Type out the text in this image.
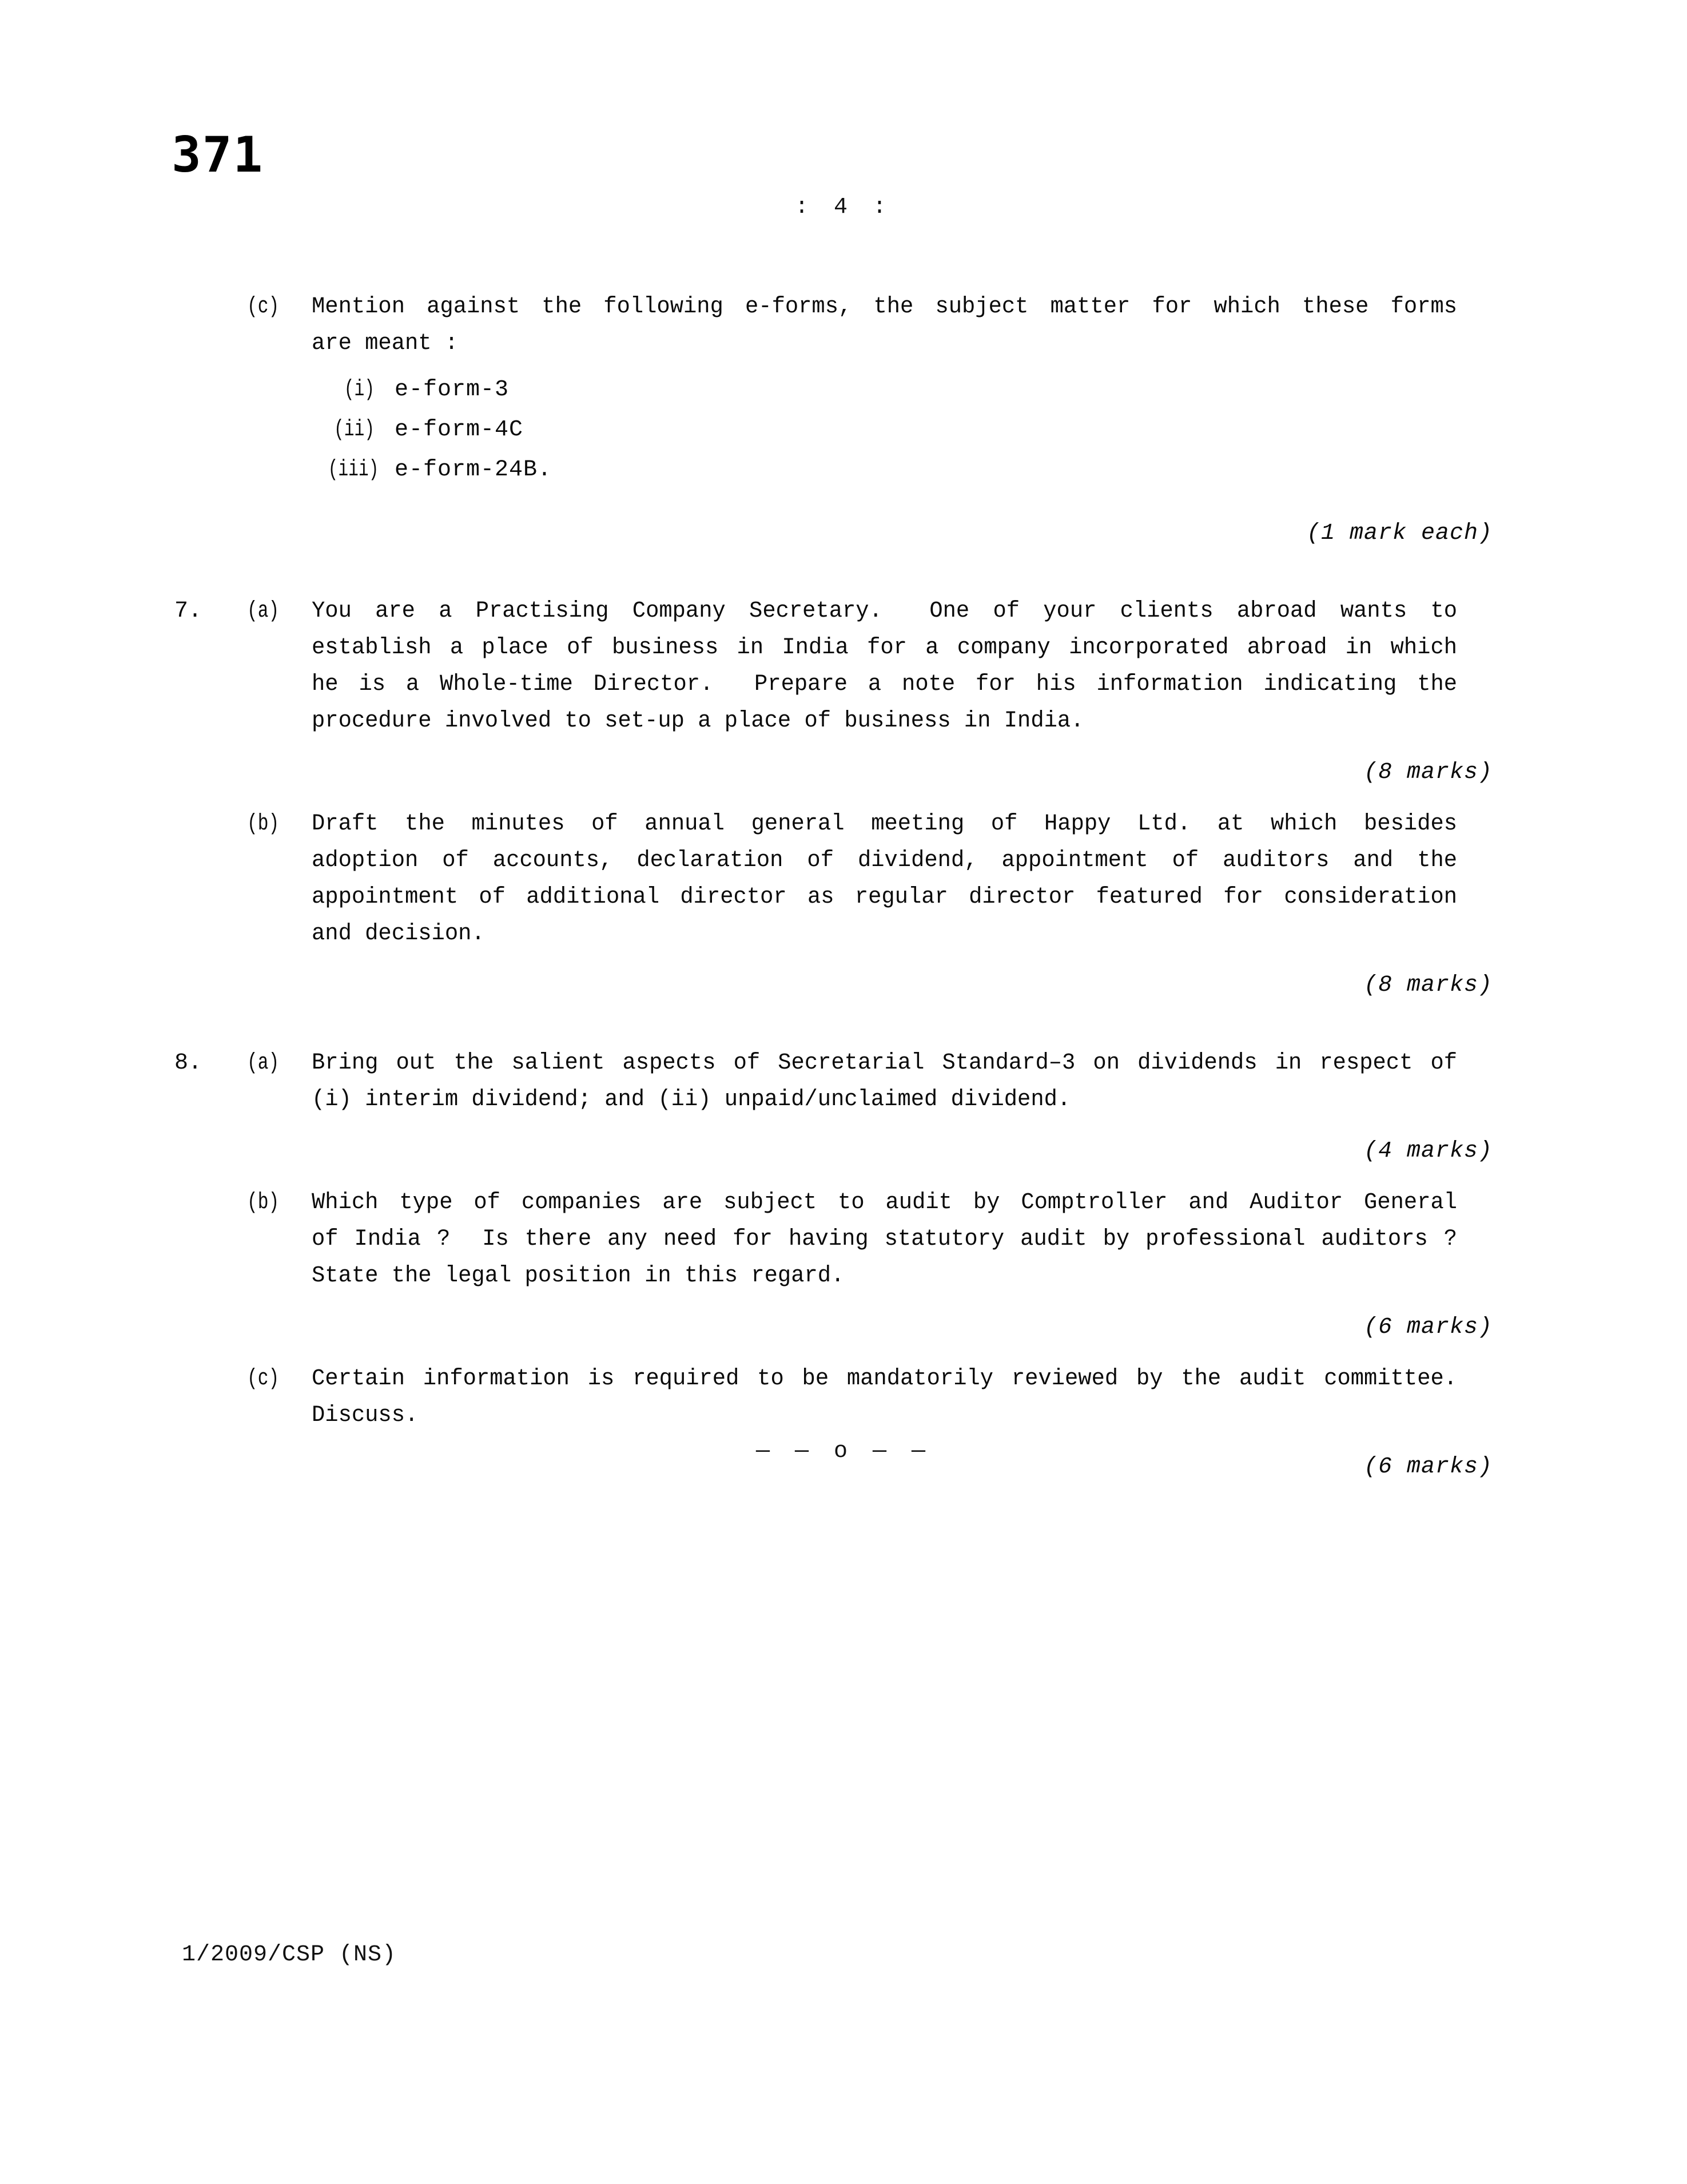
371
: 4 :
(c)	Mention against the following e-forms, the subject matter for which these forms
are meant :
(i) e-form-3
(ii) e-form-4C
(iii) e-form-24B.
(1 mark each)
7.	(a)	You are a Practising Company Secretary.  One of your clients abroad wants to
establish a place of business in India for a company incorporated abroad in which
he is a Whole-time Director.  Prepare a note for his information indicating the
procedure involved to set-up a place of business in India.
(8 marks)
(b)	Draft the minutes of annual general meeting of Happy Ltd. at which besides
adoption of accounts, declaration of dividend, appointment of auditors and the
appointment of additional director as regular director featured for consideration
and decision.
(8 marks)
8.	(a)	Bring out the salient aspects of Secretarial Standard–3 on dividends in respect of
(i) interim dividend; and (ii) unpaid/unclaimed dividend.
(4 marks)
(b)	Which type of companies are subject to audit by Comptroller and Auditor General
of India ?  Is there any need for having statutory audit by professional auditors ?
State the legal position in this regard.
(6 marks)
(c)	Certain information is required to be mandatorily reviewed by the audit committee.
Discuss.
(6 marks)
— — o — —
1/2009/CSP (NS)
